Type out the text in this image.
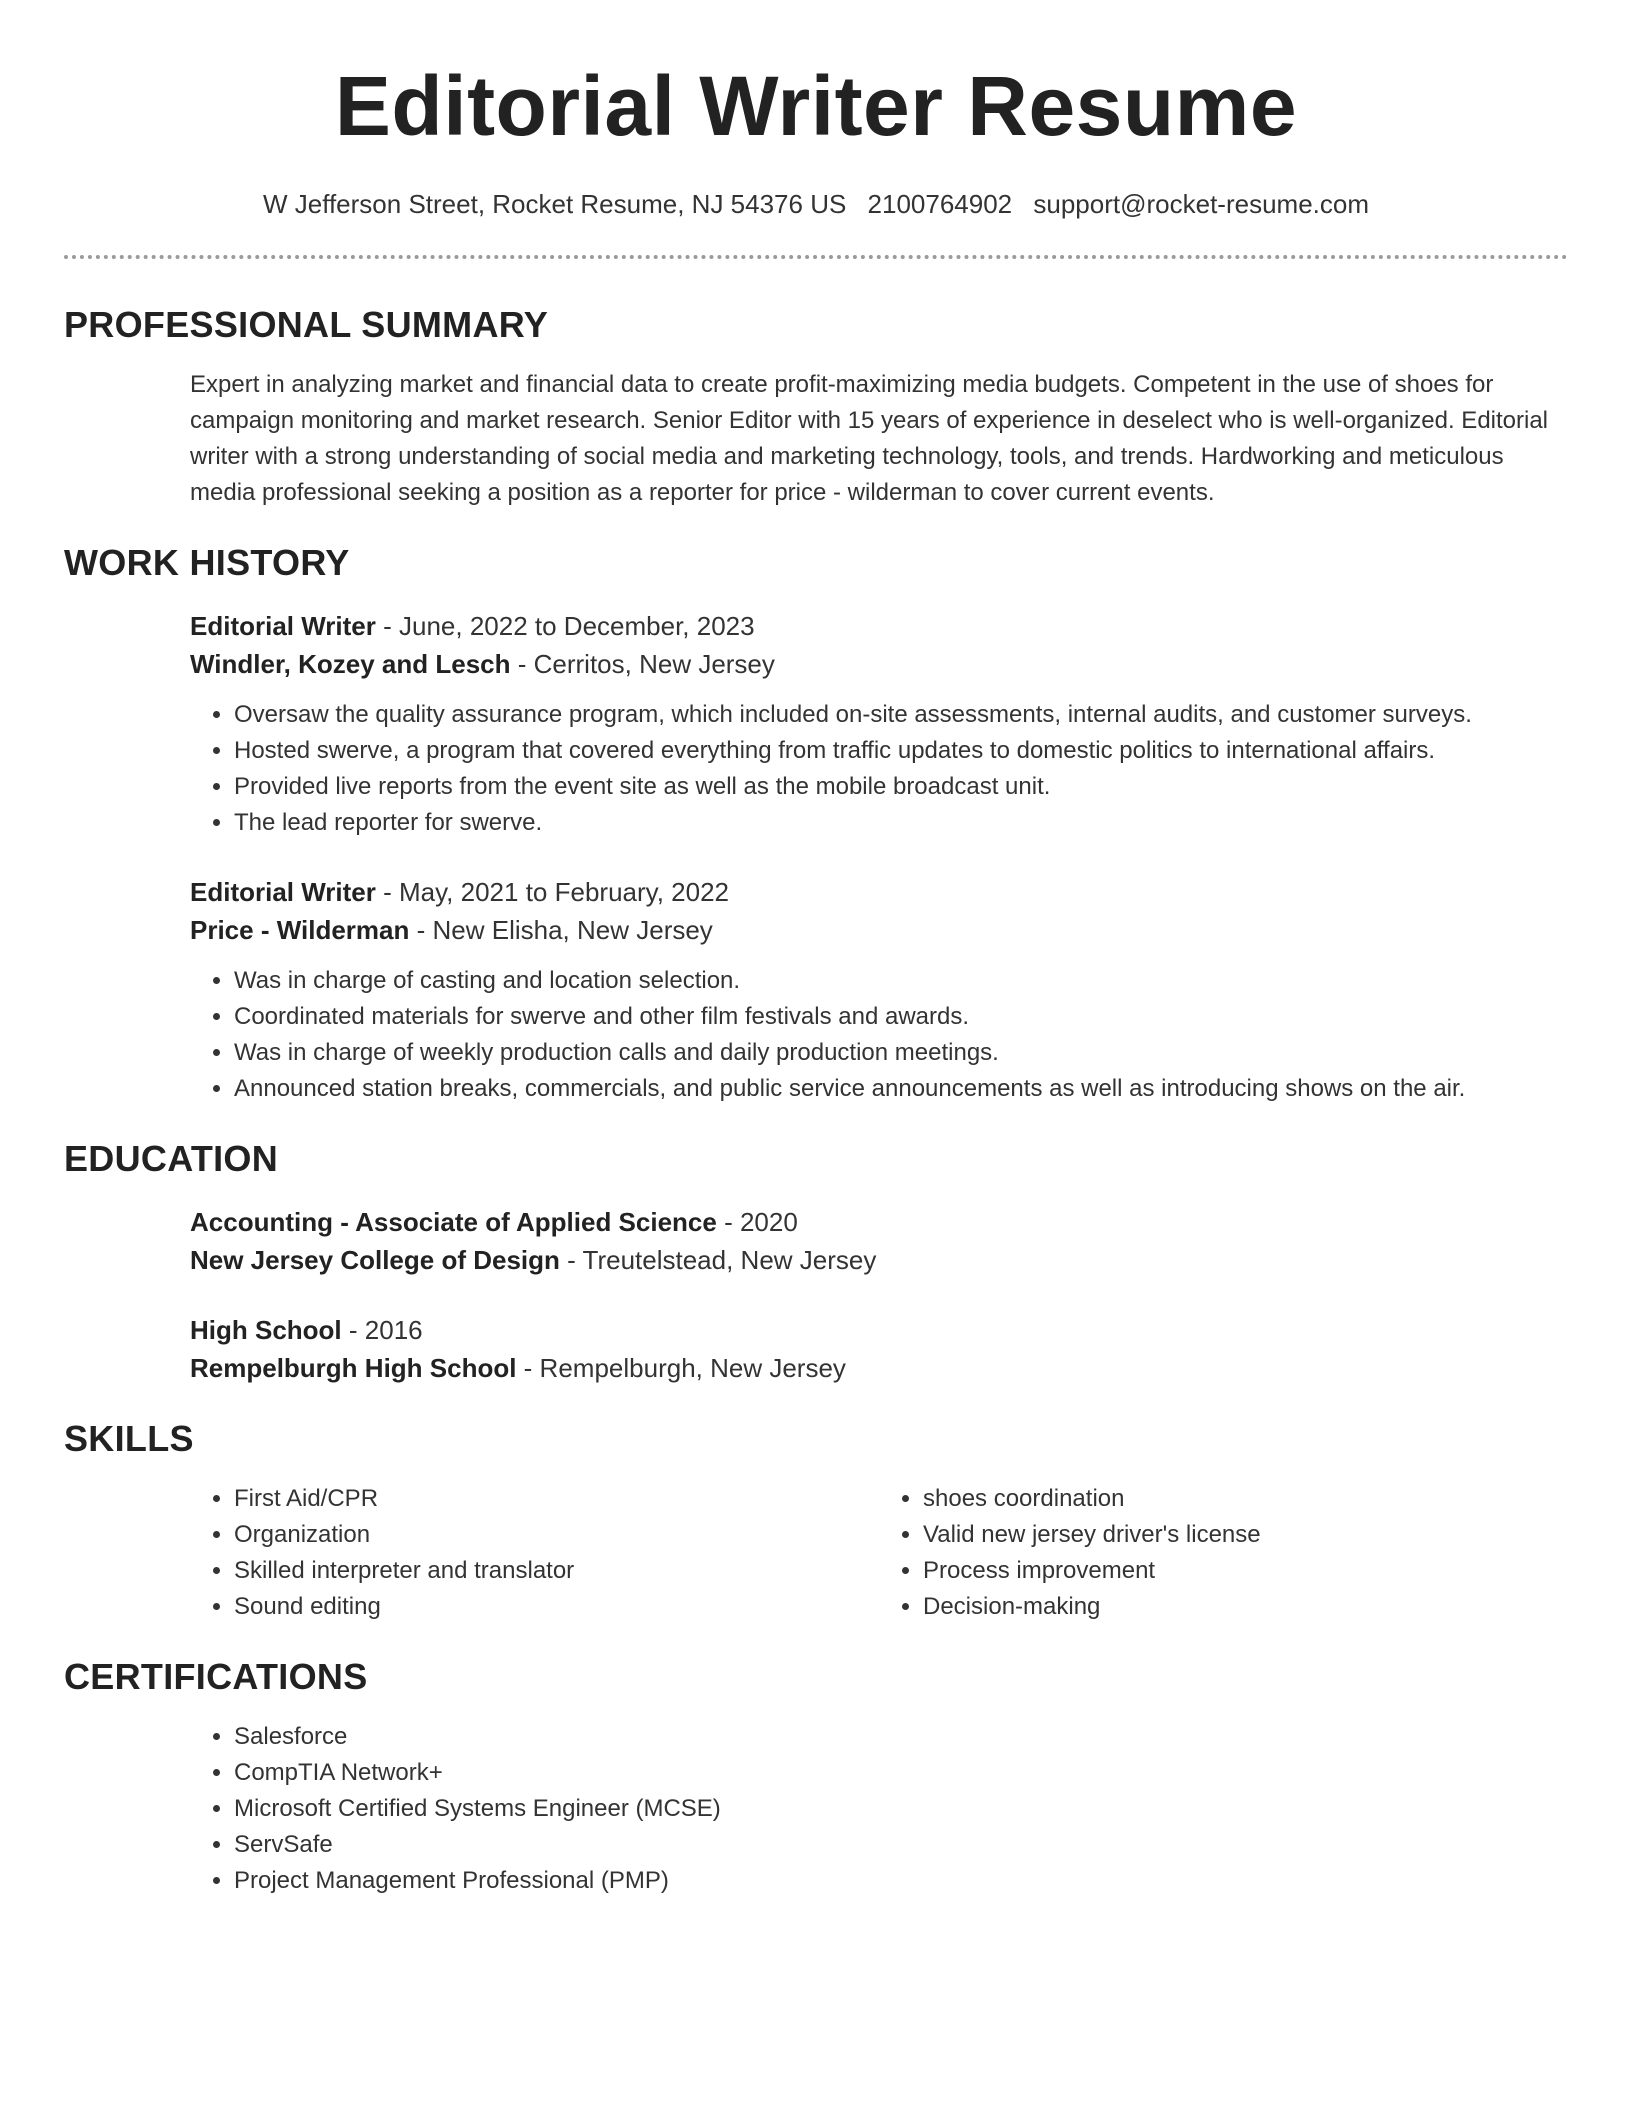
Editorial Writer Resume
W Jefferson Street, Rocket Resume, NJ 54376 US 2100764902 support@rocket-resume.com
PROFESSIONAL SUMMARY
Expert in analyzing market and financial data to create profit-maximizing media budgets. Competent in the use of shoes for campaign monitoring and market research. Senior Editor with 15 years of experience in deselect who is well-organized. Editorial writer with a strong understanding of social media and marketing technology, tools, and trends. Hardworking and meticulous media professional seeking a position as a reporter for price - wilderman to cover current events.
WORK HISTORY
Editorial Writer - June, 2022 to December, 2023
Windler, Kozey and Lesch - Cerritos, New Jersey
• Oversaw the quality assurance program, which included on-site assessments, internal audits, and customer surveys.
• Hosted swerve, a program that covered everything from traffic updates to domestic politics to international affairs.
• Provided live reports from the event site as well as the mobile broadcast unit.
• The lead reporter for swerve.
Editorial Writer - May, 2021 to February, 2022
Price - Wilderman - New Elisha, New Jersey
• Was in charge of casting and location selection.
• Coordinated materials for swerve and other film festivals and awards.
• Was in charge of weekly production calls and daily production meetings.
• Announced station breaks, commercials, and public service announcements as well as introducing shows on the air.
EDUCATION
Accounting - Associate of Applied Science - 2020
New Jersey College of Design - Treutelstead, New Jersey
High School - 2016
Rempelburgh High School - Rempelburgh, New Jersey
SKILLS
• First Aid/CPR
• Organization
• Skilled interpreter and translator
• Sound editing
• shoes coordination
• Valid new jersey driver's license
• Process improvement
• Decision-making
CERTIFICATIONS
• Salesforce
• CompTIA Network+
• Microsoft Certified Systems Engineer (MCSE)
• ServSafe
• Project Management Professional (PMP)
